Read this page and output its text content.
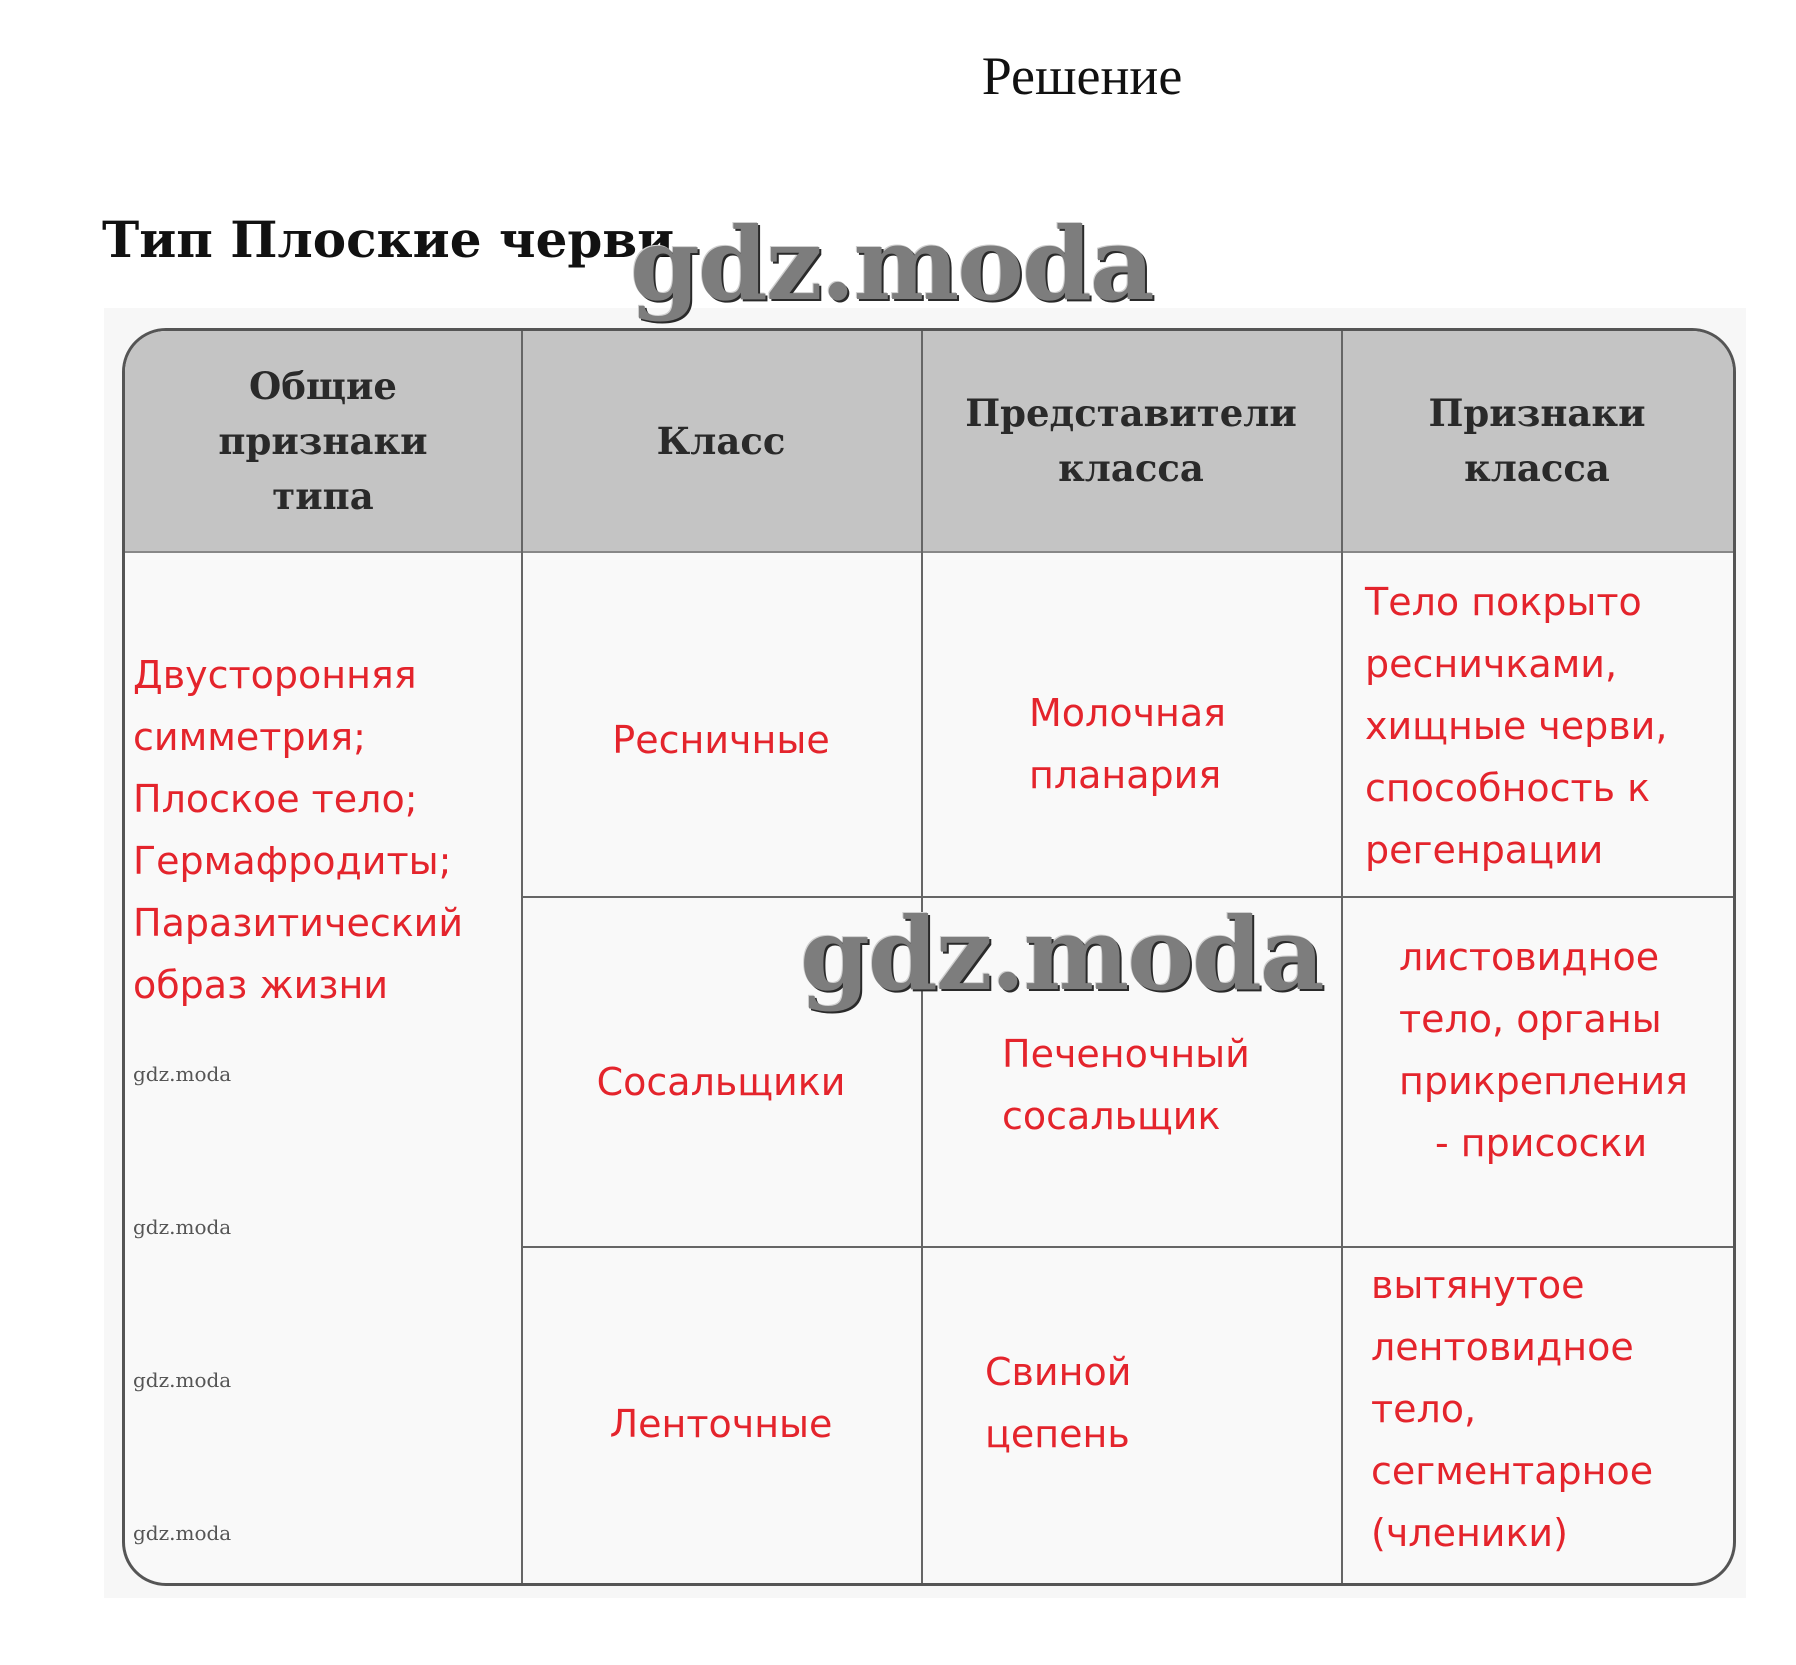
Решение
Тип Плоские черви
Общие признаки типа
Класс
Представители класса
Признаки класса
Двусторонняя
симметрия;
Плоское тело;
Гермафродиты;
Паразитический
образ жизни
Ресничные
Молочная
планария
Тело покрыто
ресничками,
хищные черви,
способность к
регенрации
Сосальщики
Печеночный
сосальщик
листовидное
тело, органы
прикрепления
- присоски
Ленточные
Свиной
цепень
вытянутое
лентовидное
тело,
сегментарное
(членики)
gdz.moda
gdz.moda
gdz.moda
gdz.moda
gdz.moda
gdz.moda
